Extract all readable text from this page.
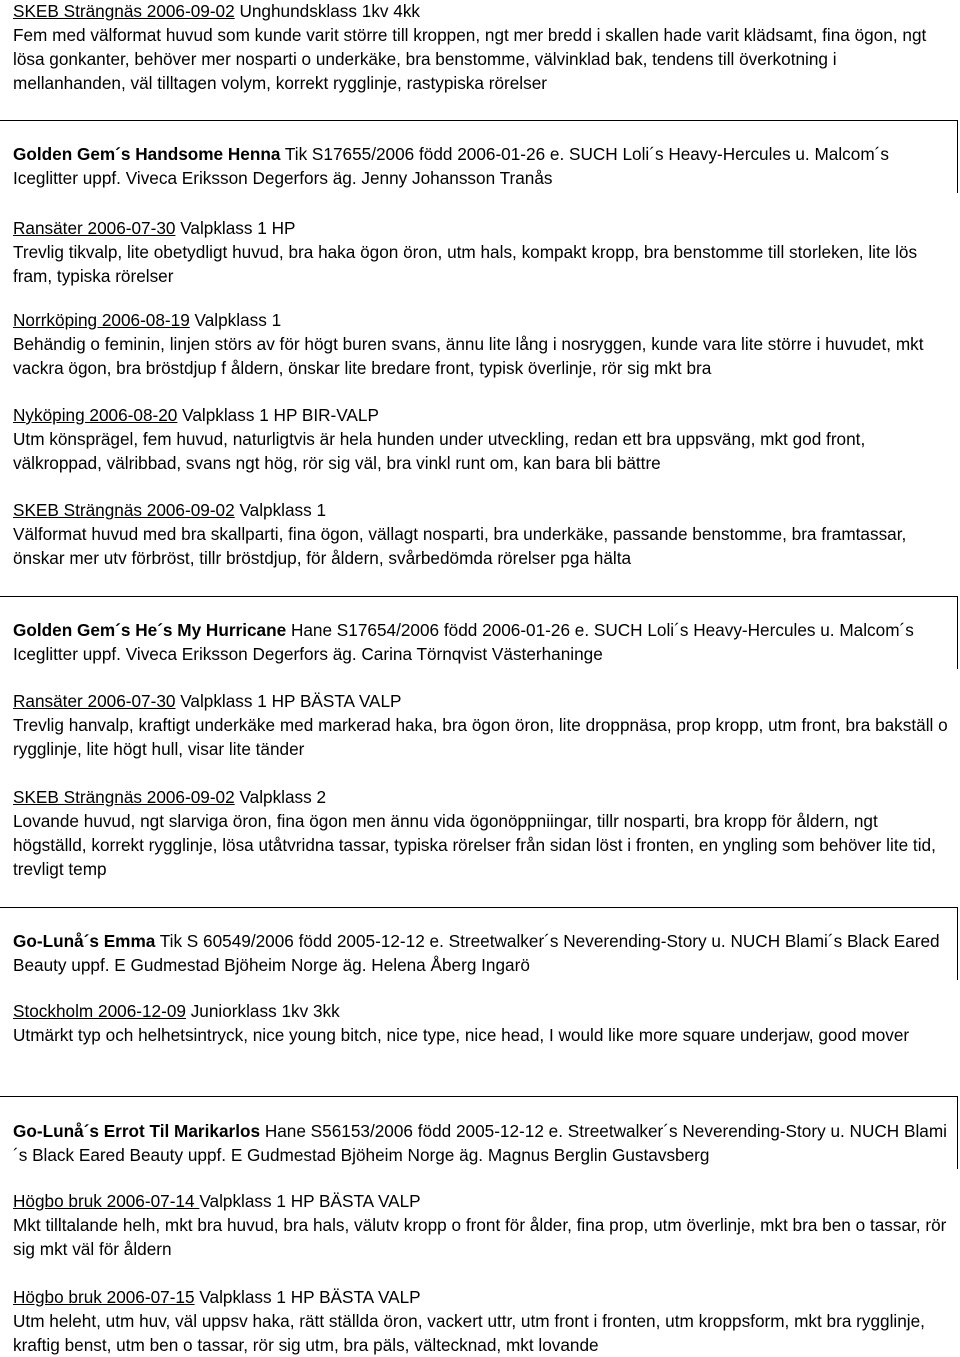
SKEB Strängnäs 2006-09-02 Unghundsklass 1kv 4kk

Fem med välformat huvud som kunde varit större till kroppen, ngt mer bredd i skallen hade varit klädsamt, fina ögon, ngt lösa gonkanter, behöver mer nosparti o underkäke, bra benstomme, välvinklad bak, tendens till överkotning i mellanhanden, väl tilltagen volym, korrekt rygglinje, rastypiska rörelser

Golden Gem´s Handsome Henna Tik S17655/2006 född 2006-01-26 e. SUCH Loli´s Heavy-Hercules u. Malcom´s Iceglitter uppf. Viveca Eriksson Degerfors äg. Jenny Johansson Tranås

Ransäter 2006-07-30 Valpklass 1 HP

Trevlig tikvalp, lite obetydligt huvud, bra haka ögon öron, utm hals, kompakt kropp, bra benstomme till storleken, lite lös fram, typiska rörelser

Norrköping 2006-08-19 Valpklass 1

Behändig o feminin, linjen störs av för högt buren svans, ännu lite lång i nosryggen, kunde vara lite större i huvudet, mkt vackra ögon, bra bröstdjup f åldern, önskar lite bredare front, typisk överlinje, rör sig mkt bra

Nyköping 2006-08-20 Valpklass 1 HP BIR-VALP

Utm könsprägel, fem huvud, naturligtvis är hela hunden under utveckling, redan ett bra uppsväng, mkt god front, välkroppad, välribbad, svans ngt hög, rör sig väl, bra vinkl runt om, kan bara bli bättre

SKEB Strängnäs 2006-09-02 Valpklass 1

Välformat huvud med bra skallparti, fina ögon, vällagt nosparti, bra underkäke, passande benstomme, bra framtassar, önskar mer utv förbröst, tillr bröstdjup, för åldern, svårbedömda rörelser pga hälta

Golden Gem´s He´s My Hurricane Hane S17654/2006 född 2006-01-26 e. SUCH Loli´s Heavy-Hercules u. Malcom´s Iceglitter uppf. Viveca Eriksson Degerfors äg. Carina Törnqvist Västerhaninge

Ransäter 2006-07-30 Valpklass 1 HP BÄSTA VALP

Trevlig hanvalp, kraftigt underkäke med markerad haka, bra ögon öron, lite droppnäsa, prop kropp, utm front, bra bakställ o rygglinje, lite högt hull, visar lite tänder

SKEB Strängnäs 2006-09-02 Valpklass 2

Lovande huvud, ngt slarviga öron, fina ögon men ännu vida ögonöppniingar, tillr nosparti, bra kropp för åldern, ngt högställd, korrekt rygglinje, lösa utåtvridna tassar, typiska rörelser från sidan löst i fronten, en yngling som behöver lite tid, trevligt temp

Go-Lunå´s Emma Tik S 60549/2006 född 2005-12-12 e. Streetwalker´s Neverending-Story u. NUCH Blami´s Black Eared Beauty uppf. E Gudmestad Bjöheim Norge äg. Helena Åberg Ingarö

Stockholm 2006-12-09 Juniorklass 1kv 3kk

Utmärkt typ och helhetsintryck, nice young bitch, nice type, nice head, I would like more square underjaw, good mover

Go-Lunå´s Errot Til Marikarlos Hane S56153/2006 född 2005-12-12 e. Streetwalker´s Neverending-Story u. NUCH Blami´s Black Eared Beauty uppf. E Gudmestad Bjöheim Norge äg. Magnus Berglin Gustavsberg

Högbo bruk 2006-07-14 Valpklass 1 HP BÄSTA VALP

Mkt tilltalande helh, mkt bra huvud, bra hals, välutv kropp o front för ålder, fina prop, utm överlinje, mkt bra ben o tassar, rör sig mkt väl för åldern

Högbo bruk 2006-07-15 Valpklass 1 HP BÄSTA VALP

Utm heleht, utm huv, väl uppsv haka, rätt ställda öron, vackert uttr, utm front i fronten, utm kroppsform, mkt bra rygglinje, kraftig benst, utm ben o tassar, rör sig utm, bra päls, vältecknad, mkt lovande
